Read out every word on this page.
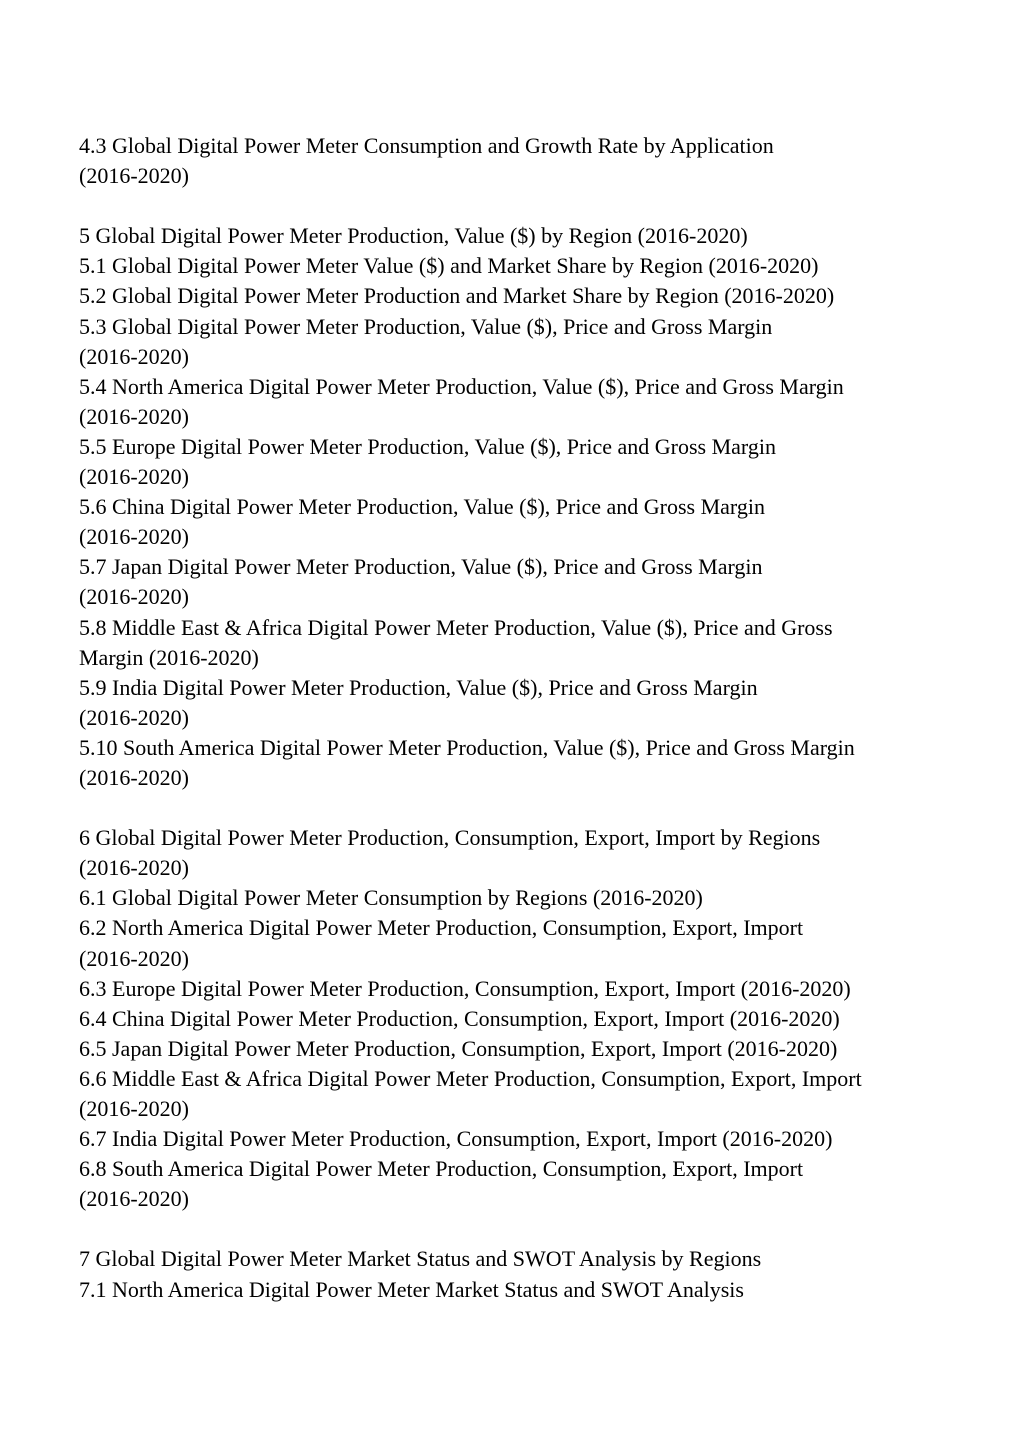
4.3 Global Digital Power Meter Consumption and Growth Rate by Application
(2016-2020)
5 Global Digital Power Meter Production, Value ($) by Region (2016-2020)
5.1 Global Digital Power Meter Value ($) and Market Share by Region (2016-2020)
5.2 Global Digital Power Meter Production and Market Share by Region (2016-2020)
5.3 Global Digital Power Meter Production, Value ($), Price and Gross Margin
(2016-2020)
5.4 North America Digital Power Meter Production, Value ($), Price and Gross Margin
(2016-2020)
5.5 Europe Digital Power Meter Production, Value ($), Price and Gross Margin
(2016-2020)
5.6 China Digital Power Meter Production, Value ($), Price and Gross Margin
(2016-2020)
5.7 Japan Digital Power Meter Production, Value ($), Price and Gross Margin
(2016-2020)
5.8 Middle East & Africa Digital Power Meter Production, Value ($), Price and Gross
Margin (2016-2020)
5.9 India Digital Power Meter Production, Value ($), Price and Gross Margin
(2016-2020)
5.10 South America Digital Power Meter Production, Value ($), Price and Gross Margin
(2016-2020)
6 Global Digital Power Meter Production, Consumption, Export, Import by Regions
(2016-2020)
6.1 Global Digital Power Meter Consumption by Regions (2016-2020)
6.2 North America Digital Power Meter Production, Consumption, Export, Import
(2016-2020)
6.3 Europe Digital Power Meter Production, Consumption, Export, Import (2016-2020)
6.4 China Digital Power Meter Production, Consumption, Export, Import (2016-2020)
6.5 Japan Digital Power Meter Production, Consumption, Export, Import (2016-2020)
6.6 Middle East & Africa Digital Power Meter Production, Consumption, Export, Import
(2016-2020)
6.7 India Digital Power Meter Production, Consumption, Export, Import (2016-2020)
6.8 South America Digital Power Meter Production, Consumption, Export, Import
(2016-2020)
7 Global Digital Power Meter Market Status and SWOT Analysis by Regions
7.1 North America Digital Power Meter Market Status and SWOT Analysis
